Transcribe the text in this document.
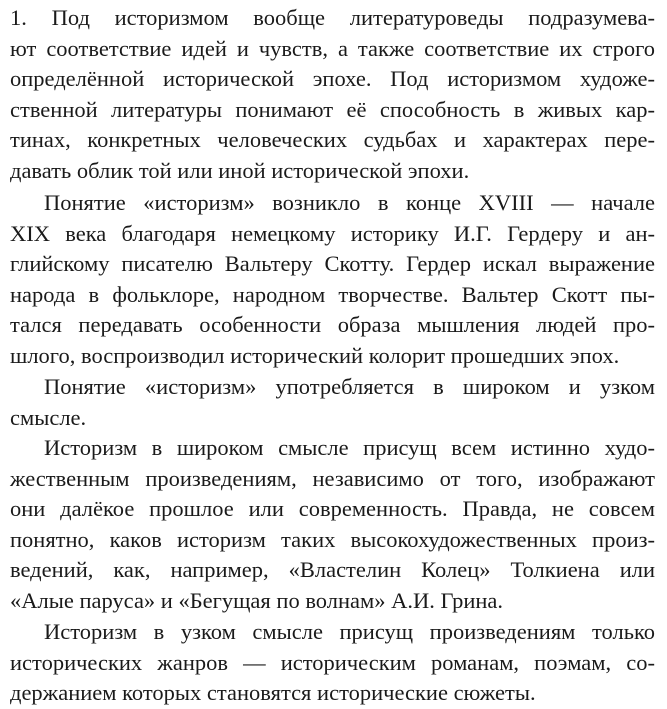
1. Под историзмом вообще литературоведы подразумева-
ют соответствие идей и чувств, а также соответствие их строго
определённой исторической эпохе. Под историзмом художе-
ственной литературы понимают её способность в живых кар-
тинах, конкретных человеческих судьбах и характерах пере-
давать облик той или иной исторической эпохи.
Понятие «историзм» возникло в конце XVIII — начале
XIX века благодаря немецкому историку И.Г. Гердеру и ан-
глийскому писателю Вальтеру Скотту. Гердер искал выражение
народа в фольклоре, народном творчестве. Вальтер Скотт пы-
тался передавать особенности образа мышления людей про-
шлого, воспроизводил исторический колорит прошедших эпох.
Понятие «историзм» употребляется в широком и узком
смысле.
Историзм в широком смысле присущ всем истинно худо-
жественным произведениям, независимо от того, изображают
они далёкое прошлое или современность. Правда, не совсем
понятно, каков историзм таких высокохудожественных произ-
ведений, как, например, «Властелин Колец» Толкиена или
«Алые паруса» и «Бегущая по волнам» А.И. Грина.
Историзм в узком смысле присущ произведениям только
исторических жанров — историческим романам, поэмам, со-
держанием которых становятся исторические сюжеты.
